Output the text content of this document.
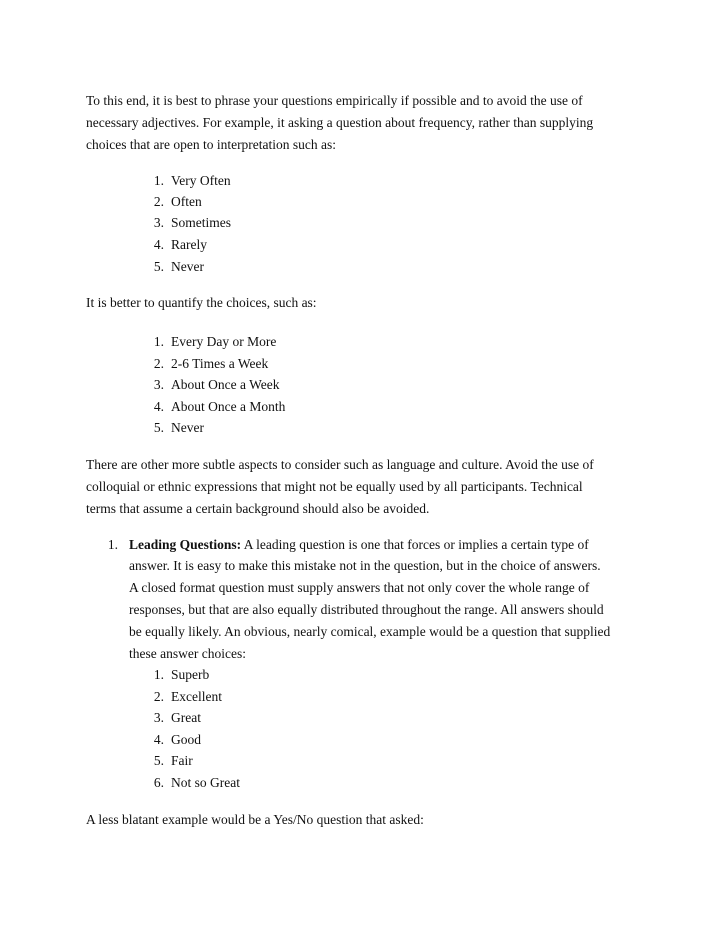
To this end, it is best to phrase your questions empirically if possible and to avoid the use of
necessary adjectives. For example, it asking a question about frequency, rather than supplying
choices that are open to interpretation such as:
1. Very Often
2. Often
3. Sometimes
4. Rarely
5. Never
It is better to quantify the choices, such as:
1. Every Day or More
2. 2-6 Times a Week
3. About Once a Week
4. About Once a Month
5. Never
There are other more subtle aspects to consider such as language and culture. Avoid the use of
colloquial or ethnic expressions that might not be equally used by all participants. Technical
terms that assume a certain background should also be avoided.
1. Leading Questions: A leading question is one that forces or implies a certain type of
answer. It is easy to make this mistake not in the question, but in the choice of answers.
A closed format question must supply answers that not only cover the whole range of
responses, but that are also equally distributed throughout the range. All answers should
be equally likely. An obvious, nearly comical, example would be a question that supplied
these answer choices:
1. Superb
2. Excellent
3. Great
4. Good
5. Fair
6. Not so Great
A less blatant example would be a Yes/No question that asked:
